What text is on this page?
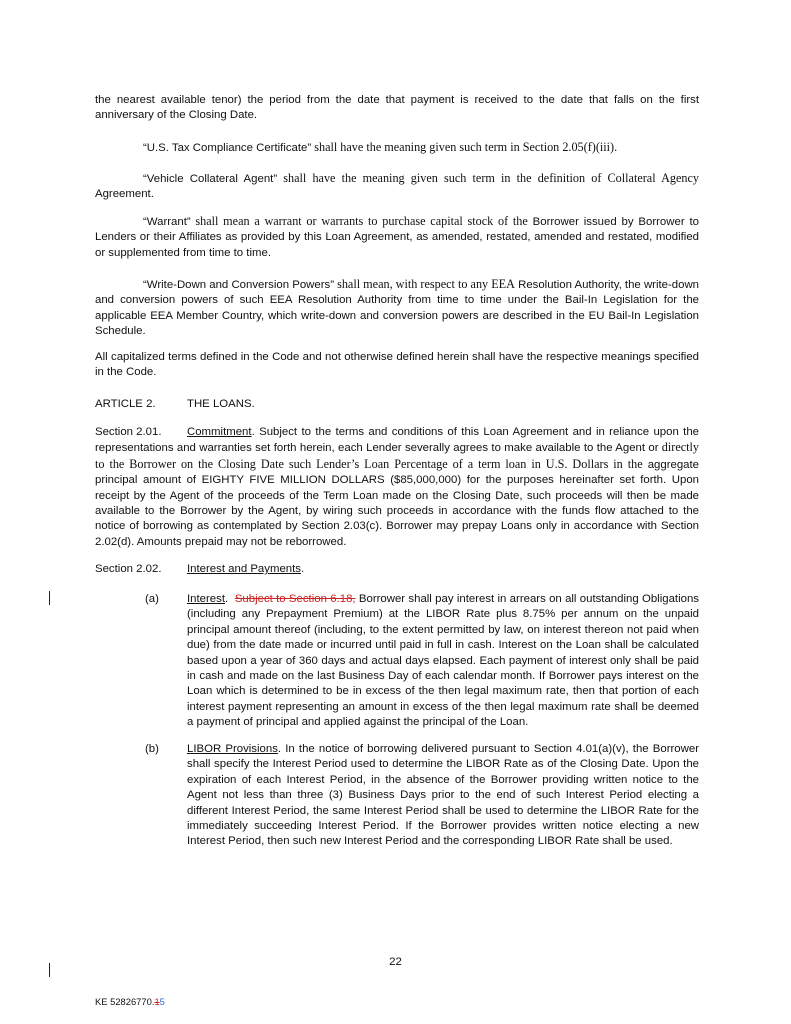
the nearest available tenor) the period from the date that payment is received to the date that falls on the first anniversary of the Closing Date.

“U.S. Tax Compliance Certificate” shall have the meaning given such term in Section 2.05(f)(iii).

“Vehicle Collateral Agent” shall have the meaning given such term in the definition of Collateral Agency Agreement.

“Warrant” shall mean a warrant or warrants to purchase capital stock of the Borrower issued by Borrower to Lenders or their Affiliates as provided by this Loan Agreement, as amended, restated, amended and restated, modified or supplemented from time to time.

“Write-Down and Conversion Powers” shall mean, with respect to any EEA Resolution Authority, the write-down and conversion powers of such EEA Resolution Authority from time to time under the Bail-In Legislation for the applicable EEA Member Country, which write-down and conversion powers are described in the EU Bail-In Legislation Schedule.

All capitalized terms defined in the Code and not otherwise defined herein shall have the respective meanings specified in the Code.

ARTICLE 2.	THE LOANS.

Section 2.01. Commitment. Subject to the terms and conditions of this Loan Agreement and in reliance upon the representations and warranties set forth herein, each Lender severally agrees to make available to the Agent or directly to the Borrower on the Closing Date such Lender’s Loan Percentage of a term loan in U.S. Dollars in the aggregate principal amount of EIGHTY FIVE MILLION DOLLARS ($85,000,000) for the purposes hereinafter set forth. Upon receipt by the Agent of the proceeds of the Term Loan made on the Closing Date, such proceeds will then be made available to the Borrower by the Agent, by wiring such proceeds in accordance with the funds flow attached to the notice of borrowing as contemplated by Section 2.03(c). Borrower may prepay Loans only in accordance with Section 2.02(d). Amounts prepaid may not be reborrowed.

Section 2.02.	Interest and Payments.
(a)	Interest. Subject to Section 6.18, Borrower shall pay interest in arrears on all outstanding Obligations (including any Prepayment Premium) at the LIBOR Rate plus 8.75% per annum on the unpaid principal amount thereof (including, to the extent permitted by law, on interest thereon not paid when due) from the date made or incurred until paid in full in cash. Interest on the Loan shall be calculated based upon a year of 360 days and actual days elapsed. Each payment of interest only shall be paid in cash and made on the last Business Day of each calendar month. If Borrower pays interest on the Loan which is determined to be in excess of the then legal maximum rate, then that portion of each interest payment representing an amount in excess of the then legal maximum rate shall be deemed a payment of principal and applied against the principal of the Loan.

(b)	LIBOR Provisions. In the notice of borrowing delivered pursuant to Section 4.01(a)(v), the Borrower shall specify the Interest Period used to determine the LIBOR Rate as of the Closing Date. Upon the expiration of each Interest Period, in the absence of the Borrower providing written notice to the Agent not less than three (3) Business Days prior to the end of such Interest Period electing a different Interest Period, the same Interest Period shall be used to determine the LIBOR Rate for the immediately succeeding Interest Period. If the Borrower provides written notice electing a new Interest Period, then such new Interest Period and the corresponding LIBOR Rate shall be used.

22
KE 52826770.15
